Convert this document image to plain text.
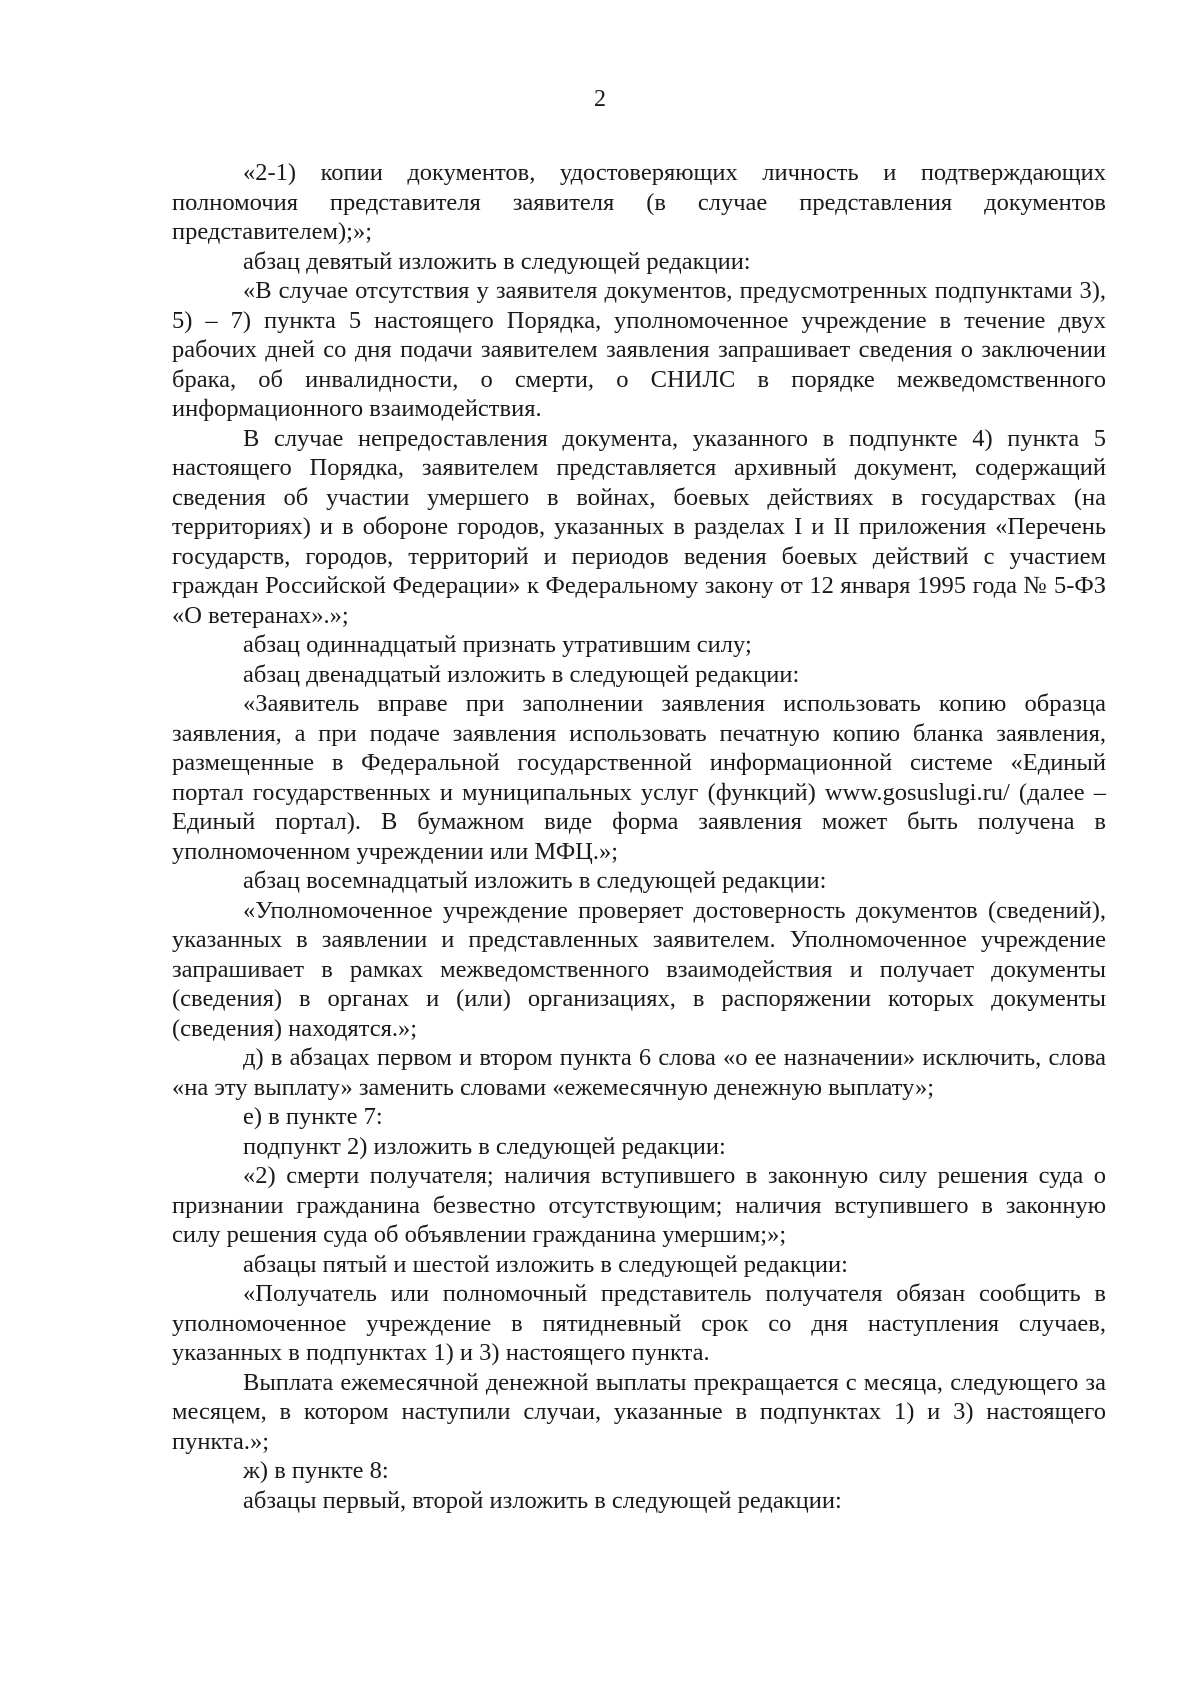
2

«2-1) копии документов, удостоверяющих личность и подтверждающих полномочия представителя заявителя (в случае представления документов представителем);»;

абзац девятый изложить в следующей редакции:

«В случае отсутствия у заявителя документов, предусмотренных подпунктами 3), 5) – 7) пункта 5 настоящего Порядка, уполномоченное учреждение в течение двух рабочих дней со дня подачи заявителем заявления запрашивает сведения о заключении брака, об инвалидности, о смерти, о СНИЛС в порядке межведомственного информационного взаимодействия.

В случае непредоставления документа, указанного в подпункте 4) пункта 5 настоящего Порядка, заявителем представляется архивный документ, содержащий сведения об участии умершего в войнах, боевых действиях в государствах (на территориях) и в обороне городов, указанных в разделах I и II приложения «Перечень государств, городов, территорий и периодов ведения боевых действий с участием граждан Российской Федерации» к Федеральному закону от 12 января 1995 года № 5-ФЗ «О ветеранах».»;

абзац одиннадцатый признать утратившим силу;

абзац двенадцатый изложить в следующей редакции:

«Заявитель вправе при заполнении заявления использовать копию образца заявления, а при подаче заявления использовать печатную копию бланка заявления, размещенные в Федеральной государственной информационной системе «Единый портал государственных и муниципальных услуг (функций) www.gosuslugi.ru/ (далее – Единый портал). В бумажном виде форма заявления может быть получена в уполномоченном учреждении или МФЦ.»;

абзац восемнадцатый изложить в следующей редакции:

«Уполномоченное учреждение проверяет достоверность документов (сведений), указанных в заявлении и представленных заявителем. Уполномоченное учреждение запрашивает в рамках межведомственного взаимодействия и получает документы (сведения) в органах и (или) организациях, в распоряжении которых документы (сведения) находятся.»;

д) в абзацах первом и втором пункта 6 слова «о ее назначении» исключить, слова «на эту выплату» заменить словами «ежемесячную денежную выплату»;

е) в пункте 7:

подпункт 2) изложить в следующей редакции:

«2) смерти получателя; наличия вступившего в законную силу решения суда о признании гражданина безвестно отсутствующим; наличия вступившего в законную силу решения суда об объявлении гражданина умершим;»;

абзацы пятый и шестой изложить в следующей редакции:

«Получатель или полномочный представитель получателя обязан сообщить в уполномоченное учреждение в пятидневный срок со дня наступления случаев, указанных в подпунктах 1) и 3) настоящего пункта.

Выплата ежемесячной денежной выплаты прекращается с месяца, следующего за месяцем, в котором наступили случаи, указанные в подпунктах 1) и 3) настоящего пункта.»;

ж) в пункте 8:

абзацы первый, второй изложить в следующей редакции:
